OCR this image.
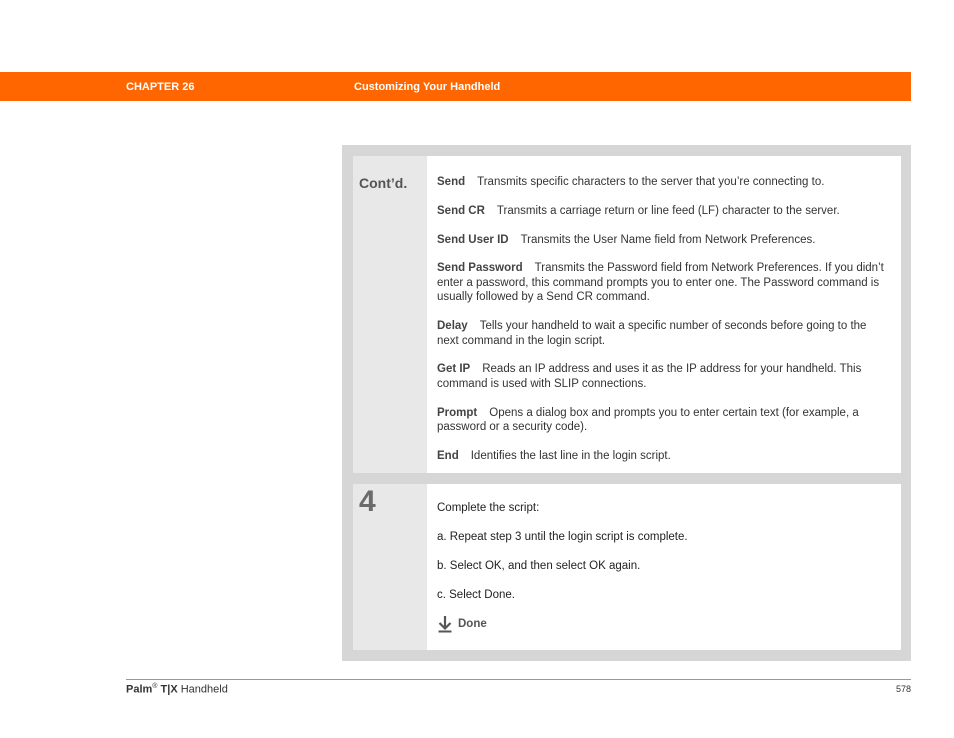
CHAPTER 26	Customizing Your Handheld
Cont’d.	Send Transmits specific characters to the server that you’re connecting to.
Send CR Transmits a carriage return or line feed (LF) character to the server.
Send User ID Transmits the User Name field from Network Preferences.
Send Password Transmits the Password field from Network Preferences. If you didn’t enter a password, this command prompts you to enter one. The Password command is usually followed by a Send CR command.
Delay Tells your handheld to wait a specific number of seconds before going to the next command in the login script.
Get IP Reads an IP address and uses it as the IP address for your handheld. This command is used with SLIP connections.
Prompt Opens a dialog box and prompts you to enter certain text (for example, a password or a security code).
End Identifies the last line in the login script.
4	Complete the script:
a. Repeat step 3 until the login script is complete.
b. Select OK, and then select OK again.
c. Select Done.
Done
Palm® T|X Handheld	578
